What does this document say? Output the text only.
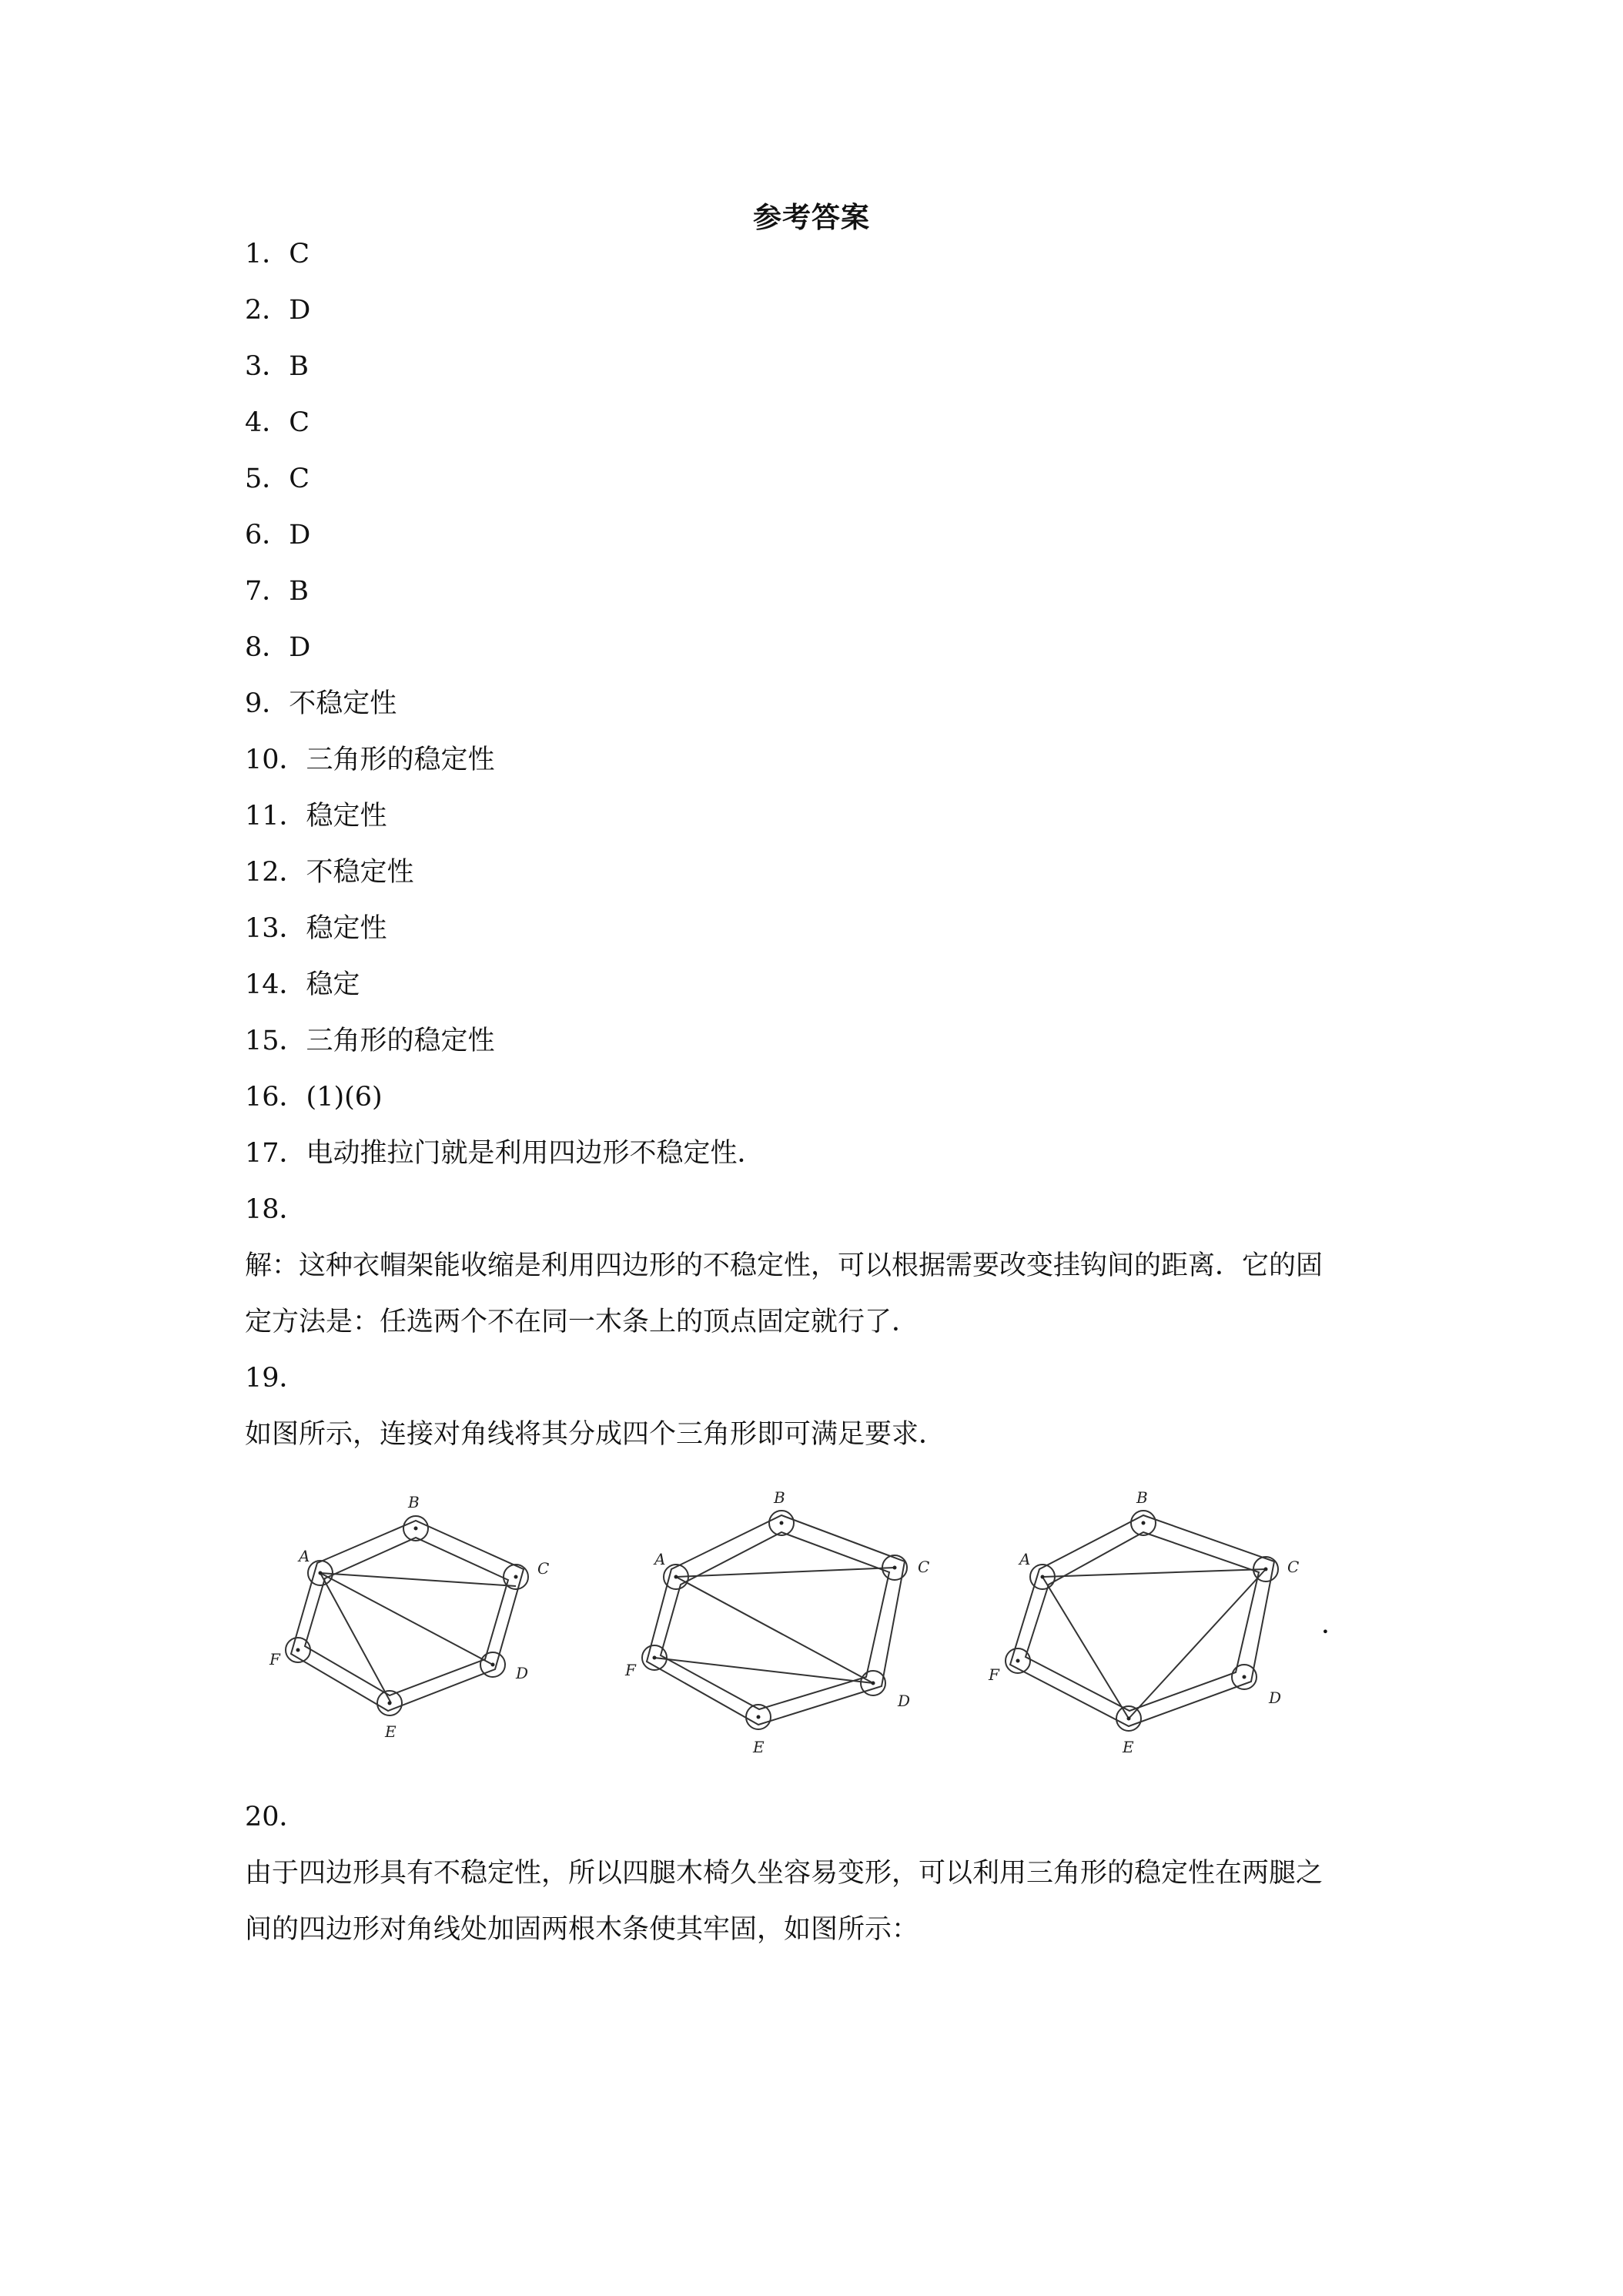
参考答案
1．C
2．D
3．B
4．C
5．C
6．D
7．B
8．D
9．不稳定性
10．三角形的稳定性
11．稳定性
12．不稳定性
13．稳定性
14．稳定
15．三角形的稳定性
16．(1)(6)
17．电动推拉门就是利用四边形不稳定性．
18．
解：这种衣帽架能收缩是利用四边形的不稳定性，可以根据需要改变挂钩间的距离．它的固
定方法是：任选两个不在同一木条上的顶点固定就行了．
19．
如图所示，连接对角线将其分成四个三角形即可满足要求．
A
B
C
D
E
F
A
B
C
D
E
F
A
B
C
D
E
F
．
20．
由于四边形具有不稳定性，所以四腿木椅久坐容易变形，可以利用三角形的稳定性在两腿之
间的四边形对角线处加固两根木条使其牢固，如图所示：
